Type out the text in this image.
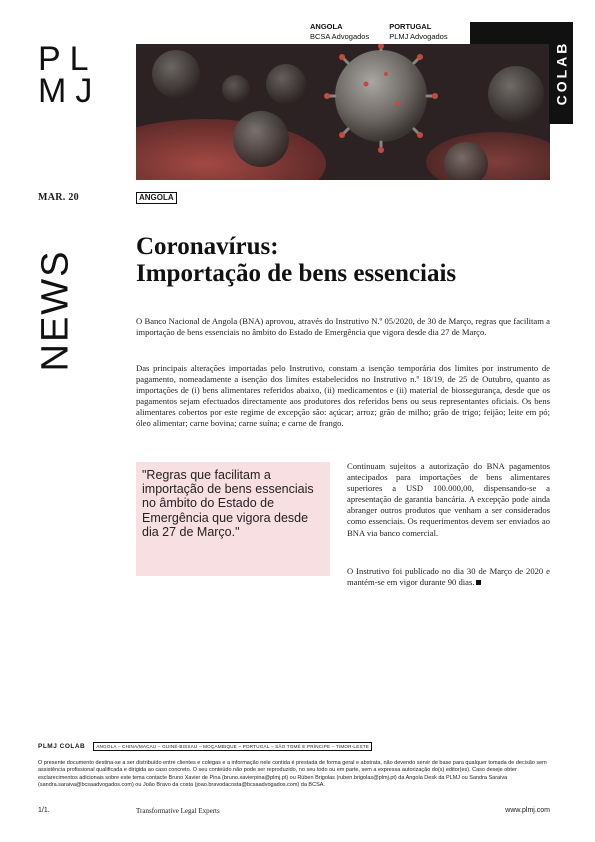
PL
MJ
ANGOLA
BCSA Advogados
PORTUGAL
PLMJ Advogados
COLAB
MAR. 20	ANGOLA
NEWS
Coronavírus:
Importação de bens essenciais

O Banco Nacional de Angola (BNA) aprovou, através do Instrutivo N.º 05/2020, de 30 de Março, regras que facilitam a importação de bens essenciais no âmbito do Estado de Emergência que vigora desde dia 27 de Março.

Das principais alterações importadas pelo Instrutivo, constam a isenção temporária dos limites por instrumento de pagamento, nomeadamente a isenção dos limites estabelecidos no Instrutivo n.º 18/19, de 25 de Outubro, quanto as importações de (i) bens alimentares referidos abaixo, (ii) medicamentos e (ii) material de biossegurança, desde que os pagamentos sejam efectuados directamente aos produtores dos referidos bens ou seus representantes oficiais. Os bens alimentares cobertos por este regime de excepção são: açúcar; arroz; grão de milho; grão de trigo; feijão; leite em pó; óleo alimentar; carne bovina; carne suína; e carne de frango.

"Regras que facilitam a importação de bens essenciais no âmbito do Estado de Emergência que vigora desde dia 27 de Março."

Continuam sujeitos a autorização do BNA pagamentos antecipados para importações de bens alimentares superiores a USD 100.000,00, dispensando-se a apresentação de garantia bancária. A excepção pode ainda abranger outros produtos que venham a ser considerados como essenciais. Os requerimentos devem ser enviados ao BNA via banco comercial.

O Instrutivo foi publicado no dia 30 de Março de 2020 e mantém-se em vigor durante 90 dias.

PLMJ COLAB	ANGOLA – CHINA/MACAU – GUINÉ-BISSAU – MOÇAMBIQUE – PORTUGAL – SÃO TOMÉ E PRÍNCIPE – TIMOR-LESTE

O presente documento destina-se a ser distribuído entre clientes e colegas e a informação nele contida é prestada de forma geral e abstrata, não devendo servir de base para qualquer tomada de decisão sem assistência profissional qualificada e dirigida ao caso concreto. O seu conteúdo não pode ser reproduzido, no seu todo ou em parte, sem a expressa autorização do(s) editor(es). Caso deseje obter esclarecimentos adicionais sobre este tema contacte Bruno Xavier de Pina (bruno.xavierpina@plmj.pt) ou Rúben Brigolas (ruben.brigolas@plmj.pt) da Angola Desk da PLMJ ou Sandra Saraiva (sandra.saraiva@bcsaadvogados.com) ou João Bravo da costa (joao.bravodacosta@bcsaadvogados.com) da BCSA.

1/1.	Transformative Legal Experts	www.plmj.com
